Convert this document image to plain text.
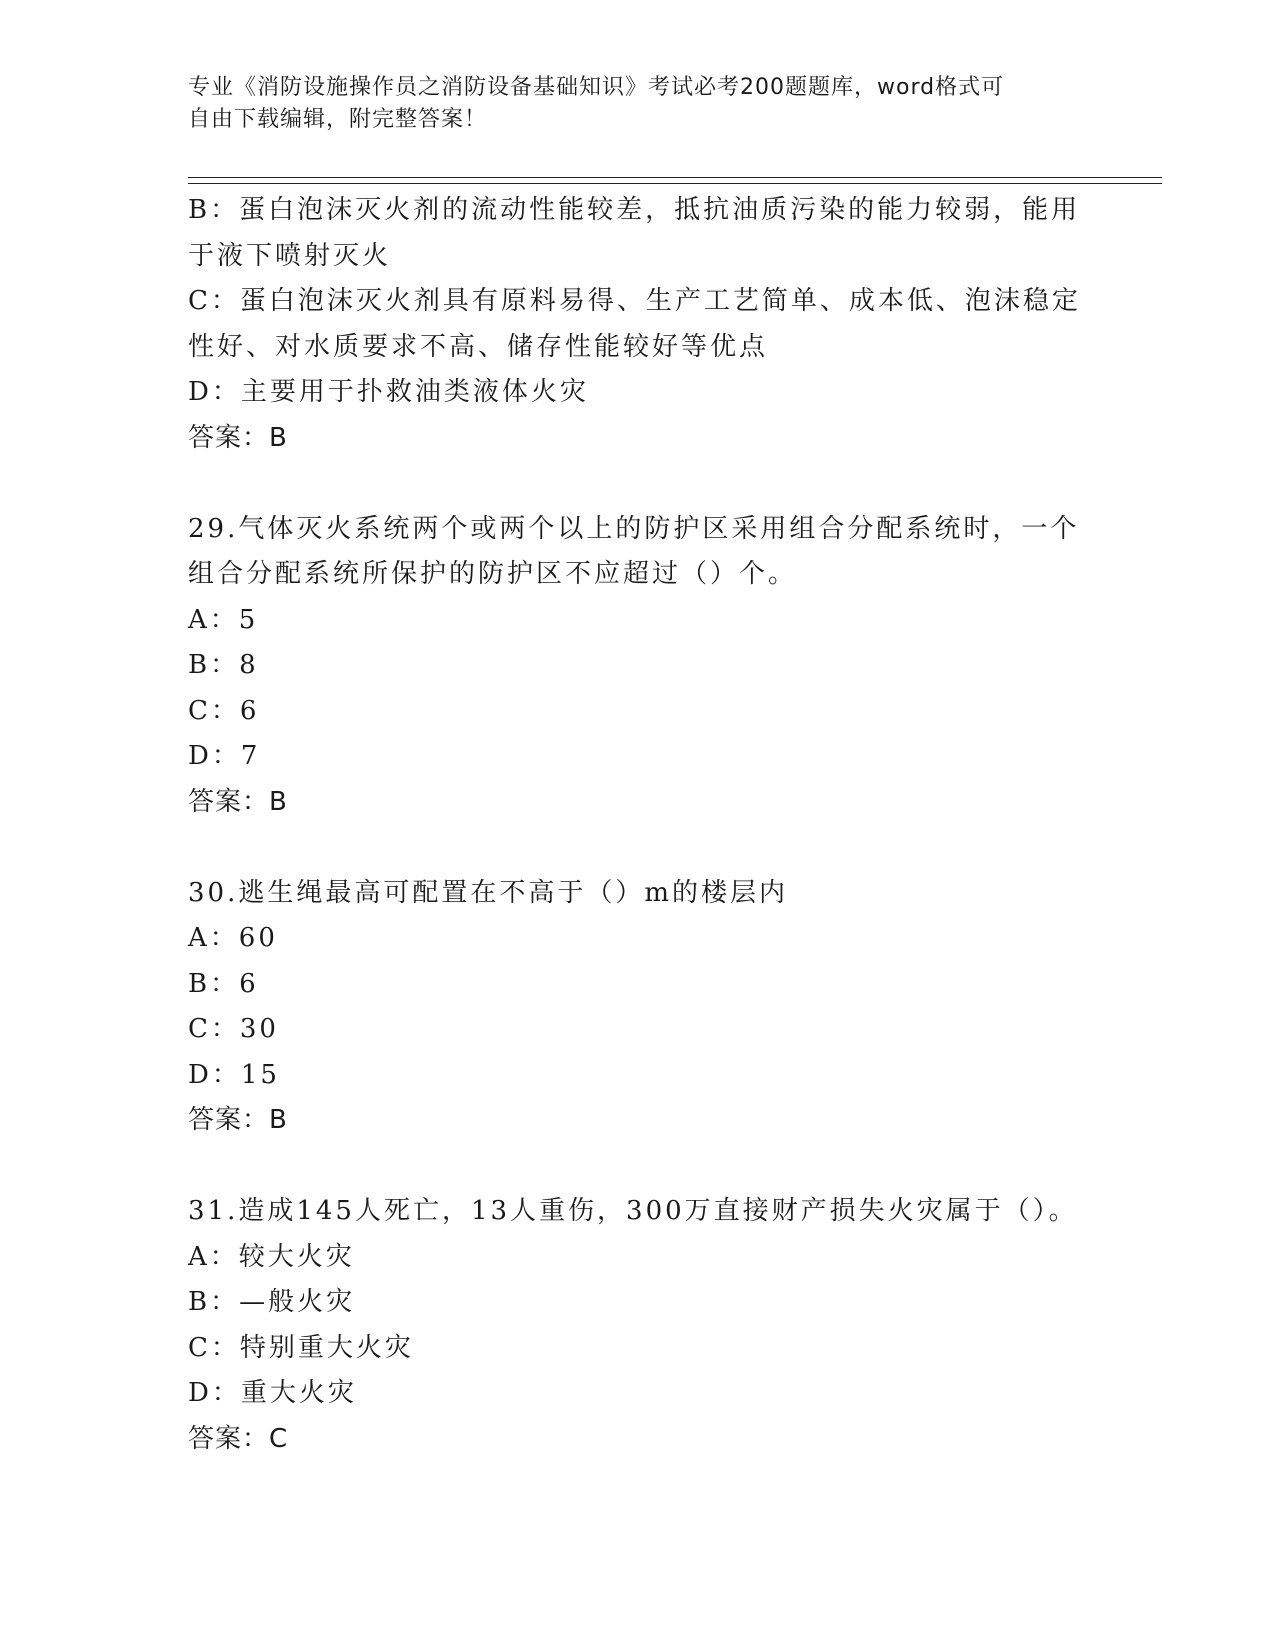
专业《消防设施操作员之消防设备基础知识》考试必考200题题库，word格式可
自由下载编辑，附完整答案！
B：蛋白泡沫灭火剂的流动性能较差，抵抗油质污染的能力较弱，能用
于液下喷射灭火
C：蛋白泡沫灭火剂具有原料易得、生产工艺简单、成本低、泡沫稳定
性好、对水质要求不高、储存性能较好等优点
D：主要用于扑救油类液体火灾
答案：B
29.气体灭火系统两个或两个以上的防护区采用组合分配系统时，一个
组合分配系统所保护的防护区不应超过（）个。
A：5
B：8
C：6
D：7
答案：B
30.逃生绳最高可配置在不高于（）m的楼层内
A：60
B：6
C：30
D：15
答案：B
31.造成145人死亡，13人重伤，300万直接财产损失火灾属于（）。
A：较大火灾
B：—般火灾
C：特别重大火灾
D：重大火灾
答案：C
